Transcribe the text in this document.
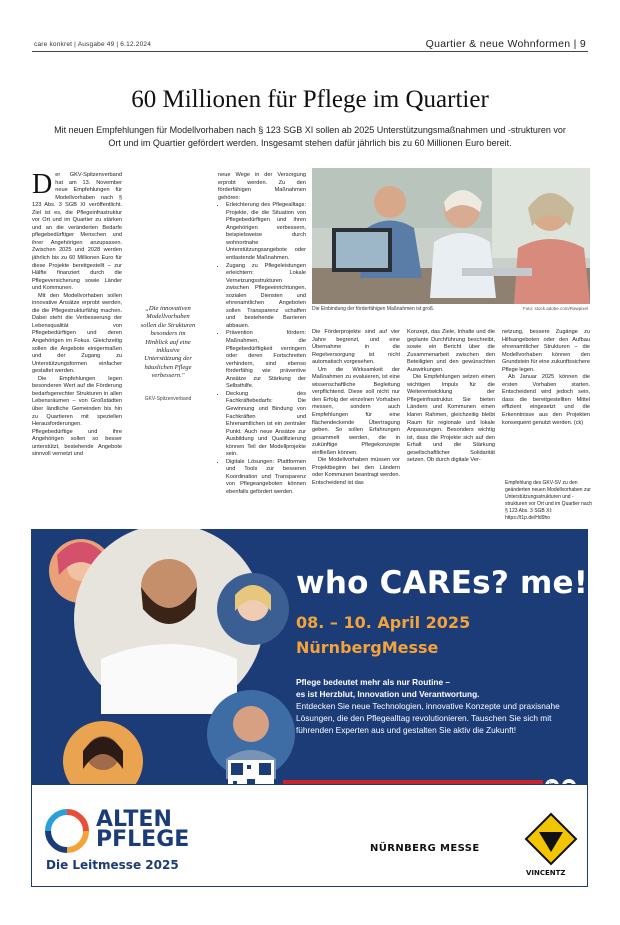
care konkret | Ausgabe 49 | 6.12.2024	Quartier & neue Wohnformen | 9
60 Millionen für Pflege im Quartier
Mit neuen Empfehlungen für Modellvorhaben nach § 123 SGB XI sollen ab 2025 Unterstützungsmaßnahmen und -strukturen vor Ort und im Quartier gefördert werden. Insgesamt stehen dafür jährlich bis zu 60 Millionen Euro bereit.

Der GKV-Spitzenverband hat am 13. November neue Empfehlungen für Modellvorhaben nach § 123 Abs. 3 SGB XI veröffentlicht. Ziel ist es, die Pflegeinfrastruktur vor Ort und im Quartier zu stärken und an die veränderten Bedarfe pflegebedürftiger Menschen und ihrer Angehörigen anzupassen. Zwischen 2025 und 2028 werden jährlich bis zu 60 Millionen Euro für diese Projekte bereitgestellt – zur Hälfte finanziert durch die Pflegeversicherung sowie Länder und Kommunen.

Mit den Modellvorhaben sollen innovative Ansätze erprobt werden, die die Pflegestrukturfähig machen. Dabei steht die Verbesserung der Lebensqualität von Pflegebedürftigen und deren Angehörigen im Fokus. Gleichzeitig sollen die Angebote einigermaßen und der Zugang zu Unterstützungsformen einfacher gestaltet werden.

Die Empfehlungen legen besonderen Wert auf die Förderung bedarfsgerechter Strukturen in allen Lebensräumen – von Großstädten über ländliche Gemeinden bis hin zu Quartieren mit speziellen Herausforderungen. Pflegebedürftige und ihre Angehörigen sollen so besser unterstützt, bestehende Angebote sinnvoll vernetzt und

„Die innovativen Modellvorhaben sollen die Strukturen besonders im Hinblick auf eine inklusive Unterstützung der häuslichen Pflege verbessern."
GKV-Spitzenverband

neue Wege in der Versorgung erprobt werden. Zu den förderfähigen Maßnahmen gehören:

• Erleichterung des Pflegealltags: Projekte, die die Situation von Pflegebedürftigen und ihren Angehörigen verbessern, beispielsweise durch wohnortnahe Unterstützungsangebote oder entlastende Maßnahmen.
• Zugang zu Pflegeleistungen erleichtern: Lokale Vernetzungsstrukturen zwischen Pflegeeinrichtungen, sozialen Diensten und ehrenamtlichen Angeboten sollen Transparenz schaffen und bestehende Barrieren abbauen.
• Prävention fördern: Maßnahmen, die Pflegebedürftigkeit verringern oder deren Fortschreiten verhindern, sind ebenso förderfähig wie präventive Ansätze zur Stärkung der Selbsthilfe.
• Deckung des Fachkräftebedarfs: Die Gewinnung und Bindung von Fachkräften und Ehrenamtlichen ist ein zentraler Punkt. Auch neue Ansätze zur Ausbildung und Qualifizierung können Teil der Modellprojekte sein.
• Digitale Lösungen: Plattformen und Tools zur besseren Koordination und Transparenz von Pflegeangeboten können ebenfalls gefördert werden.
Die Einbindung der förderfähigen Maßnahmen ist groß.	Foto: stock.adobe.com/Rawpixel

Die Förderprojekte sind auf vier Jahre begrenzt, und eine Übernahme in die Regelversorgung ist nicht automatisch vorgesehen.

Um die Wirksamkeit der Maßnahmen zu evaluieren, ist eine wissenschaftliche Begleitung verpflichtend. Diese soll nicht nur den Erfolg der einzelnen Vorhaben messen, sondern auch Empfehlungen für eine flächendeckende Übertragung geben. So sollen Erfahrungen gesammelt werden, die in zukünftige Pflegekonzepte einfließen können.

Die Modellvorhaben müssen vor Projektbeginn bei den Ländern oder Kommunen beantragt werden. Entscheidend ist das

Konzept, das Ziele, Inhalte und die geplante Durchführung beschreibt, sowie ein Bericht über die Zusammenarbeit zwischen den Beteiligten und den gewünschten Auswirkungen.

Die Empfehlungen setzen einen wichtigen Impuls für die Weiterentwicklung der Pflegeinfrastruktur. Sie bieten Ländern und Kommunen einen klaren Rahmen, gleichzeitig bleibt Raum für regionale und lokale Anpassungen. Besonders wichtig ist, dass die Projekte sich auf den Erhalt und die Stärkung gesellschaftlicher Solidarität setzen. Ob durch digitale Ver-

netzung, bessere Zugänge zu Hilfsangeboten oder den Aufbau ehrenamtlicher Strukturen – die Modellvorhaben können den Grundstein für eine zukunftssichere Pflege legen.

Ab Januar 2025 können die ersten Vorhaben starten. Entscheidend wird jedoch sein, dass die bereitgestellten Mittel effizient eingesetzt und die Erkenntnisse aus den Projekten konsequent genutzt werden. (ck)

Empfehlung des GKV-SV zu den geänderten neuen Modellvorhaben zur Unterstützungsstrukturen und -strukturen vor Ort und im Quartier nach § 123 Abs. 3 SGB XI: https://t1p.de/Hd9ho
who CAREs? me!
08. – 10. April 2025
NürnbergMesse
Pflege bedeutet mehr als nur Routine –
es ist Herzblut, Innovation und Verantwortung.
Entdecken Sie neue Technologien, innovative Konzepte und praxisnahe Lösungen, die den Pflegealltag revolutionieren. Tauschen Sie sich mit führenden Experten aus und gestalten Sie aktiv die Zukunft!
ALTEN
PFLEGE
Die Leitmesse 2025
NÜRNBERG MESSE
VINCENTZ
